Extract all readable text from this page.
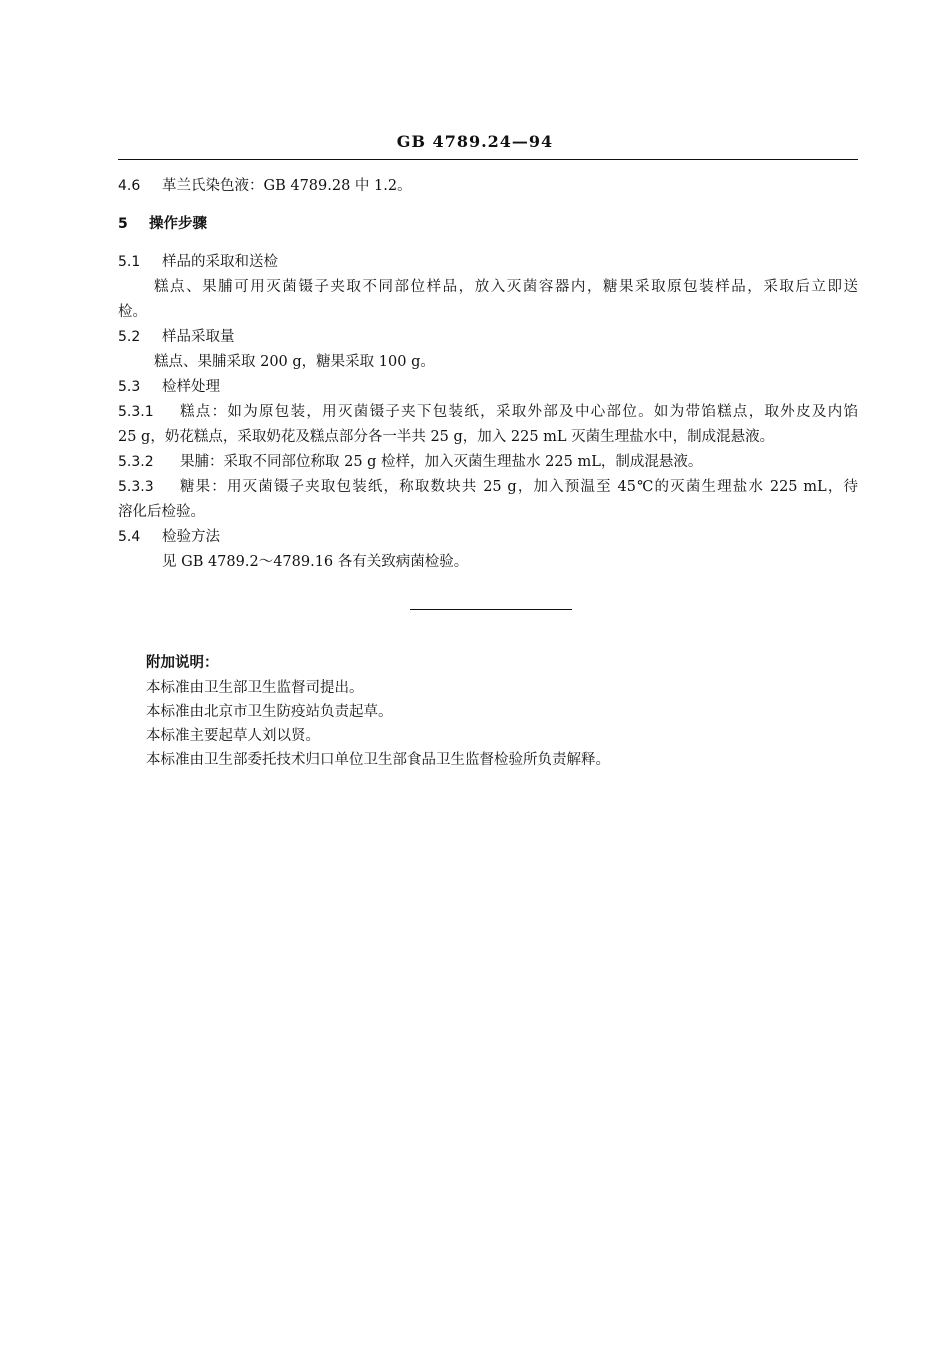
GB 4789.24—94
4.6 革兰氏染色液：GB 4789.28 中 1.2。
5 操作步骤
5.1 样品的采取和送检
糕点、果脯可用灭菌镊子夹取不同部位样品，放入灭菌容器内，糖果采取原包装样品，采取后立即送
检。
5.2 样品采取量
糕点、果脯采取 200 g，糖果采取 100 g。
5.3 检样处理
5.3.1 糕点：如为原包装，用灭菌镊子夹下包装纸，采取外部及中心部位。如为带馅糕点，取外皮及内馅
25 g，奶花糕点，采取奶花及糕点部分各一半共 25 g，加入 225 mL 灭菌生理盐水中，制成混悬液。
5.3.2 果脯：采取不同部位称取 25 g 检样，加入灭菌生理盐水 225 mL，制成混悬液。
5.3.3 糖果：用灭菌镊子夹取包装纸，称取数块共 25 g，加入预温至 45℃的灭菌生理盐水 225 mL，待
溶化后检验。
5.4 检验方法
见 GB 4789.2～4789.16 各有关致病菌检验。
附加说明：
本标准由卫生部卫生监督司提出。
本标准由北京市卫生防疫站负责起草。
本标准主要起草人刘以贤。
本标准由卫生部委托技术归口单位卫生部食品卫生监督检验所负责解释。
